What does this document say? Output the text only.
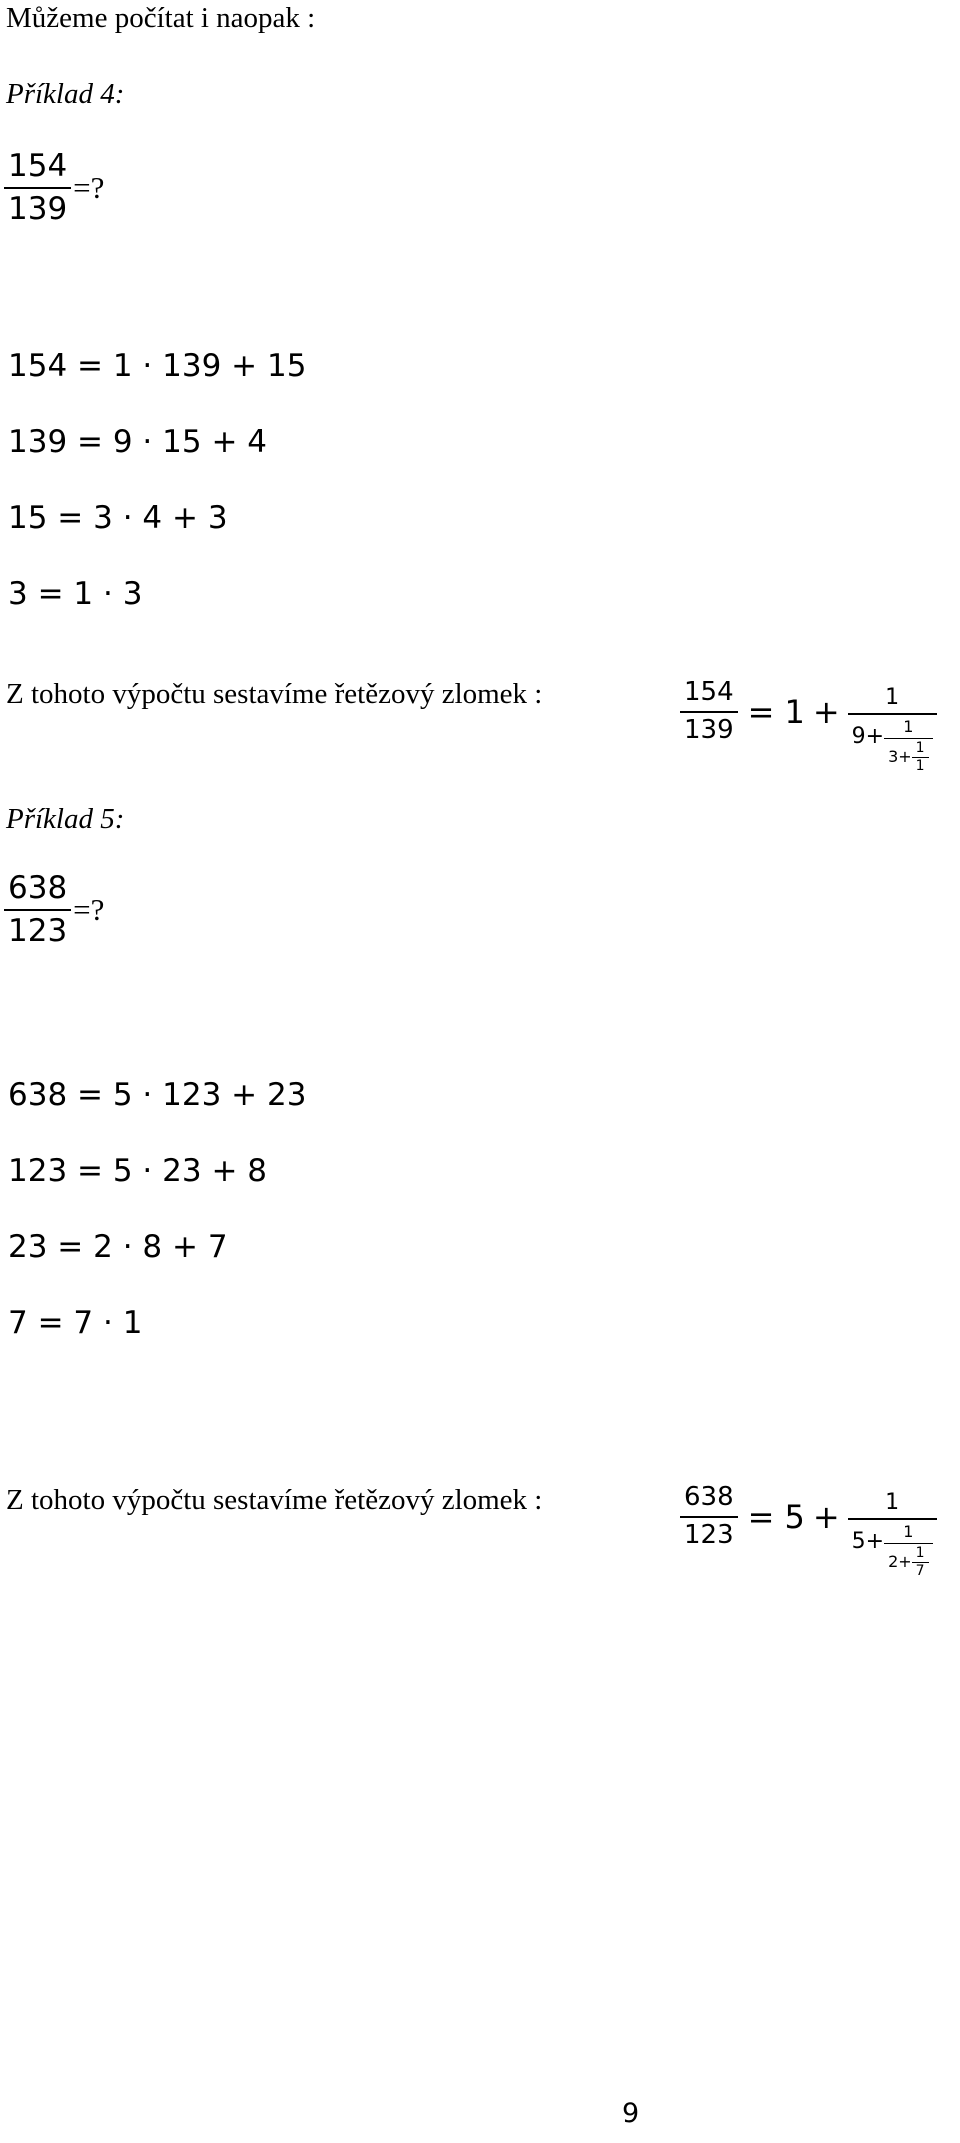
Můžeme počítat i naopak :
Příklad 4:
$\frac{154}{139}$ =?
154 = 1 · 139 + 15
139 = 9 · 15 + 4
15 = 3 · 4 + 3
3 = 1 · 3
Z tohoto výpočtu sestavíme řetězový zlomek :	$\frac{154}{139} = 1 + 1$
$9+ \frac{1}{3+ \frac{1}{1}}$
Příklad 5:
$\frac{638}{123}$ =?
638 = 5 · 123 + 23
123 = 5 · 23 + 8
23 = 2 · 8 + 7
7 = 7 · 1
Z tohoto výpočtu sestavíme řetězový zlomek :	$\frac{638}{123} = 5 + 1$
$5+ \frac{1}{2+ \frac{1}{7}}$
9
